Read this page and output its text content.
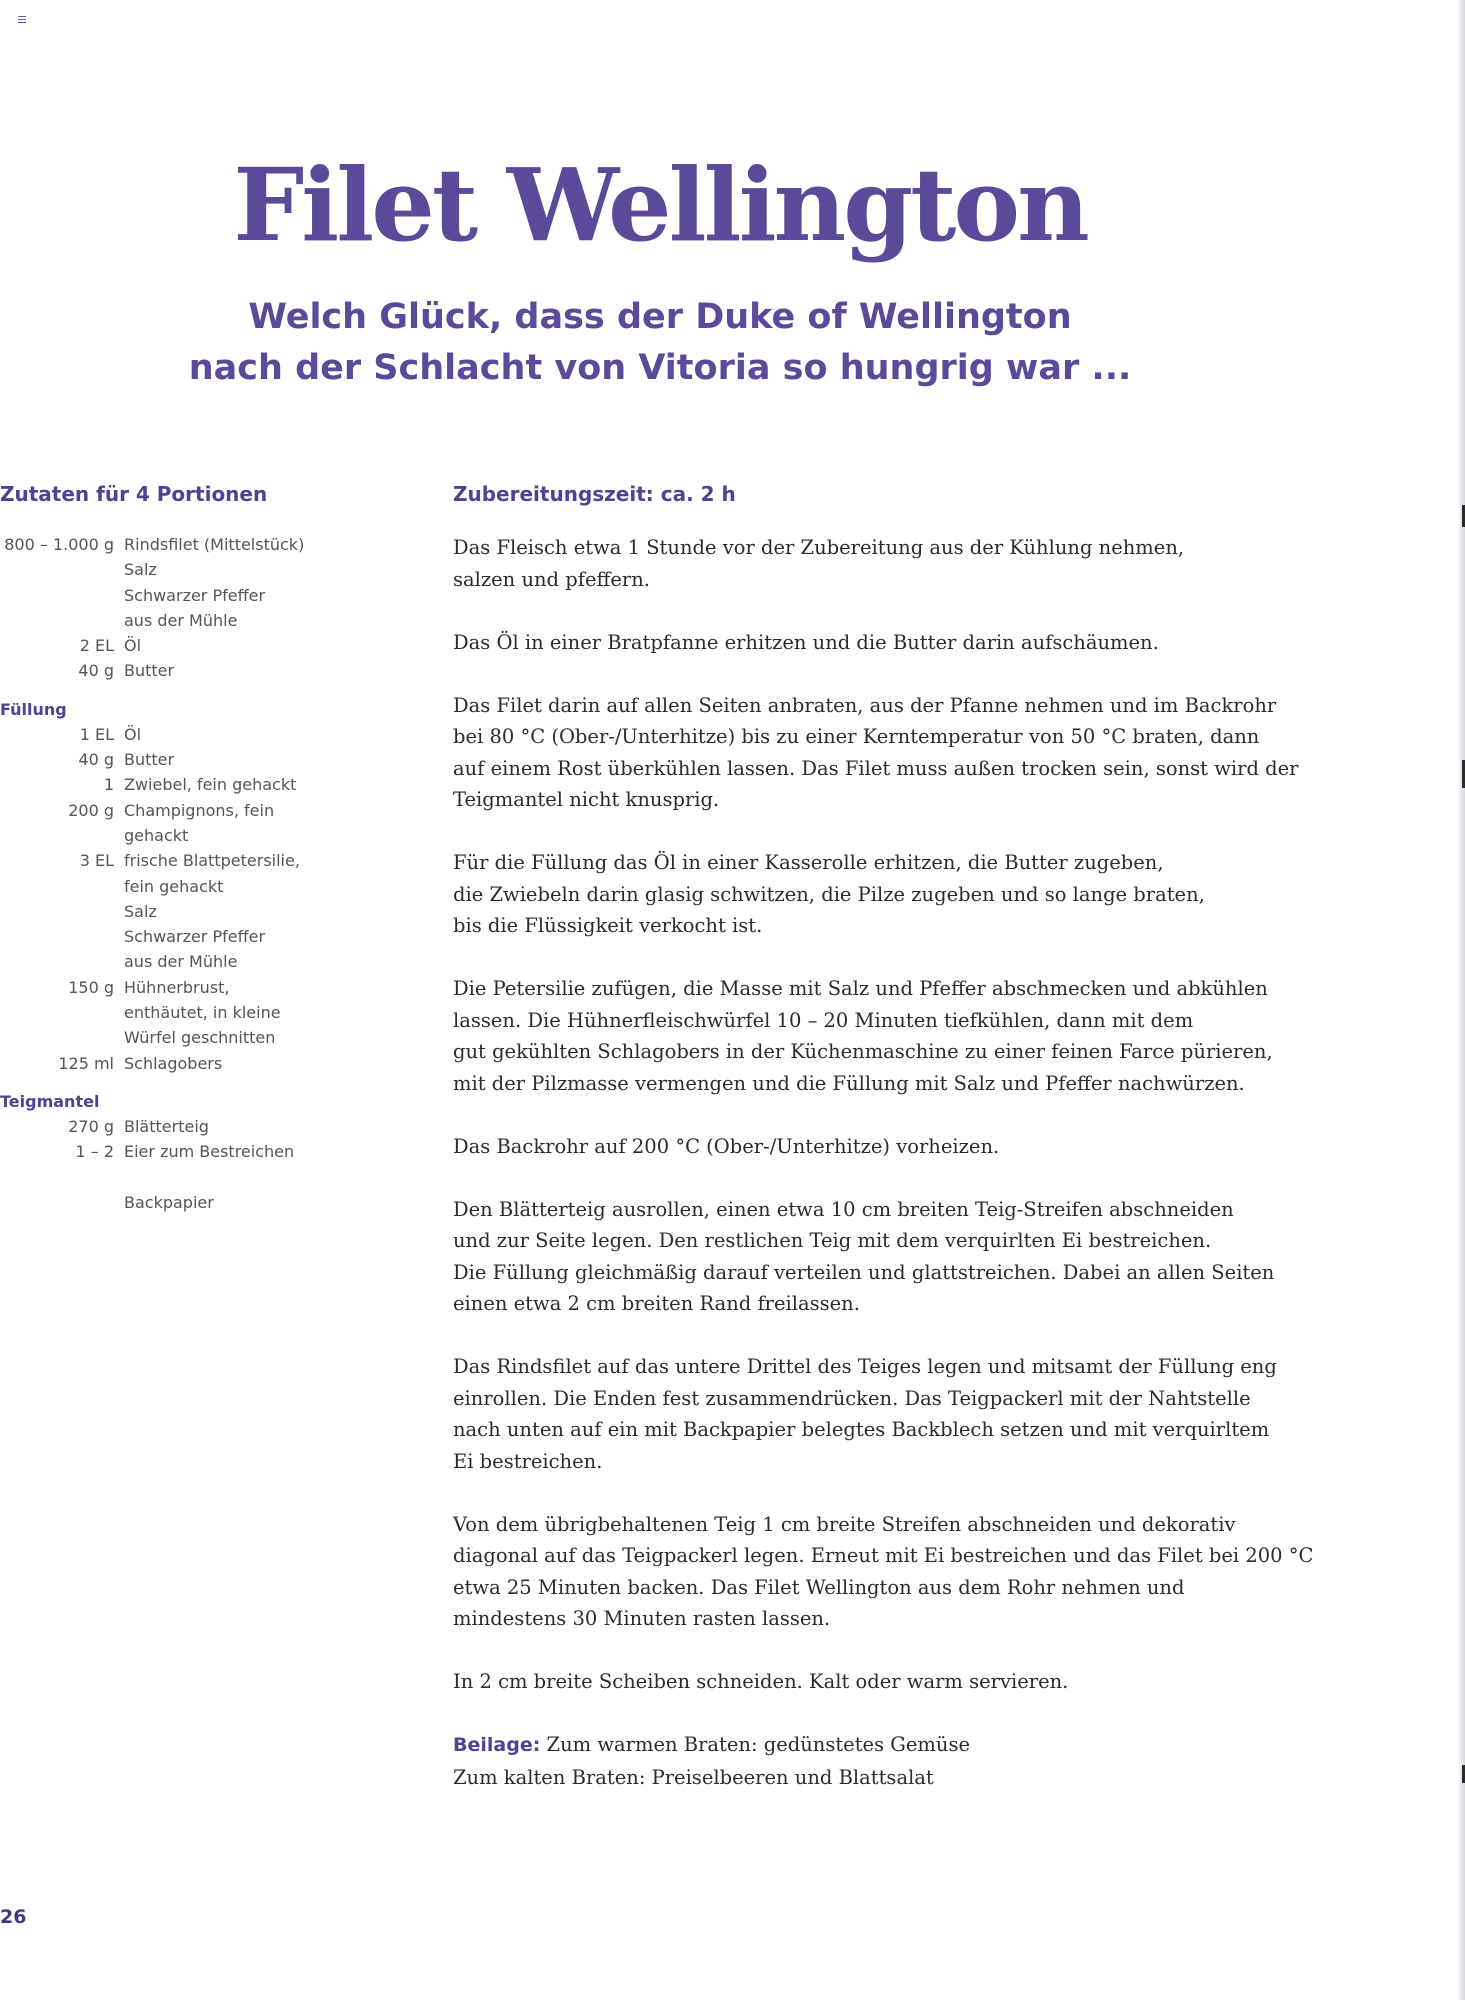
Filet Wellington
Welch Glück, dass der Duke of Wellington
nach der Schlacht von Vitoria so hungrig war ...
Zutaten für 4 Portionen
800 – 1.000 g Rindsfilet (Mittelstück)
Salz
Schwarzer Pfeffer
aus der Mühle
2 EL Öl
40 g Butter
Füllung
1 EL Öl
40 g Butter
1 Zwiebel, fein gehackt
200 g Champignons, fein
gehackt
3 EL frische Blattpetersilie,
fein gehackt
Salz
Schwarzer Pfeffer
aus der Mühle
150 g Hühnerbrust,
enthäutet, in kleine
Würfel geschnitten
125 ml Schlagobers
Teigmantel
270 g Blätterteig
1 – 2 Eier zum Bestreichen
Backpapier
Zubereitungszeit: ca. 2 h

Das Fleisch etwa 1 Stunde vor der Zubereitung aus der Kühlung nehmen,
salzen und pfeffern.

Das Öl in einer Bratpfanne erhitzen und die Butter darin aufschäumen.

Das Filet darin auf allen Seiten anbraten, aus der Pfanne nehmen und im Backrohr
bei 80 °C (Ober-/Unterhitze) bis zu einer Kerntemperatur von 50 °C braten, dann
auf einem Rost überkühlen lassen. Das Filet muss außen trocken sein, sonst wird der
Teigmantel nicht knusprig.

Für die Füllung das Öl in einer Kasserolle erhitzen, die Butter zugeben,
die Zwiebeln darin glasig schwitzen, die Pilze zugeben und so lange braten,
bis die Flüssigkeit verkocht ist.

Die Petersilie zufügen, die Masse mit Salz und Pfeffer abschmecken und abkühlen
lassen. Die Hühnerfleischwürfel 10 – 20 Minuten tiefkühlen, dann mit dem
gut gekühlten Schlagobers in der Küchenmaschine zu einer feinen Farce pürieren,
mit der Pilzmasse vermengen und die Füllung mit Salz und Pfeffer nachwürzen.

Das Backrohr auf 200 °C (Ober-/Unterhitze) vorheizen.

Den Blätterteig ausrollen, einen etwa 10 cm breiten Teig-Streifen abschneiden
und zur Seite legen. Den restlichen Teig mit dem verquirlten Ei bestreichen.
Die Füllung gleichmäßig darauf verteilen und glattstreichen. Dabei an allen Seiten
einen etwa 2 cm breiten Rand freilassen.

Das Rindsfilet auf das untere Drittel des Teiges legen und mitsamt der Füllung eng
einrollen. Die Enden fest zusammendrücken. Das Teigpackerl mit der Nahtstelle
nach unten auf ein mit Backpapier belegtes Backblech setzen und mit verquirltem
Ei bestreichen.

Von dem übrigbehaltenen Teig 1 cm breite Streifen abschneiden und dekorativ
diagonal auf das Teigpackerl legen. Erneut mit Ei bestreichen und das Filet bei 200 °C
etwa 25 Minuten backen. Das Filet Wellington aus dem Rohr nehmen und
mindestens 30 Minuten rasten lassen.

In 2 cm breite Scheiben schneiden. Kalt oder warm servieren.

Beilage: Zum warmen Braten: gedünstetes Gemüse
Zum kalten Braten: Preiselbeeren und Blattsalat

26
